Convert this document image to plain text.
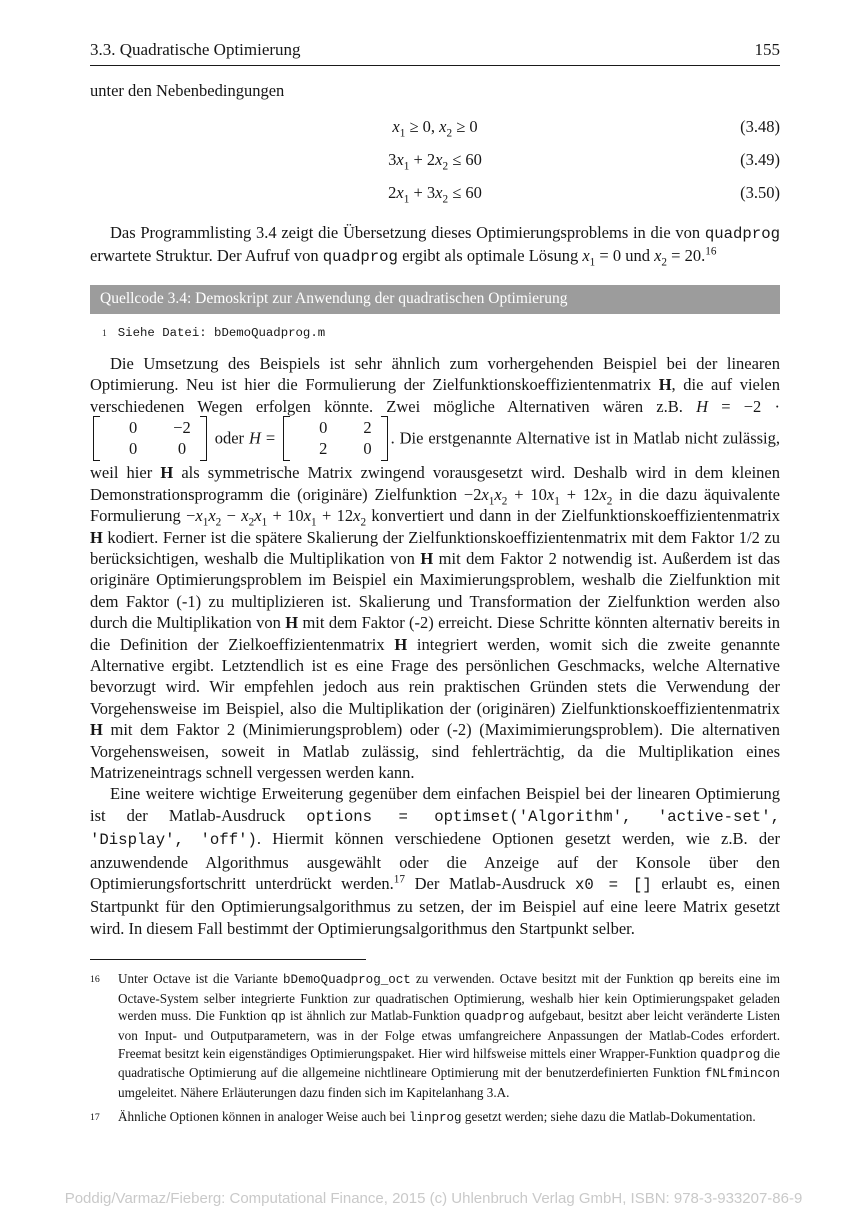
3.3. Quadratische Optimierung	155

unter den Nebenbedingungen

$x_1 \ge 0$, $x_2 \ge 0$	(3.48)
$3x_1 + 2x_2 \le 60$	(3.49)
$2x_1 + 3x_2 \le 60$	(3.50)

Das Programmlisting 3.4 zeigt die Übersetzung dieses Optimierungsproblems in die von quadprog erwartete Struktur. Der Aufruf von quadprog ergibt als optimale Lösung $x_1 = 0$ und $x_2 = 20.16$

Quellcode 3.4: Demoskript zur Anwendung der quadratischen Optimierung
1 Siehe Datei: bDemoQuadprog.m

Die Umsetzung des Beispiels ist sehr ähnlich zum vorhergehenden Beispiel bei der linearen Optimierung. Neu ist hier die Formulierung der Zielfunktionskoeffizientenmatrix H, die auf vielen verschiedenen Wegen erfolgen könnte. Zwei mögliche Alternativen wären z.B. H = −2 ·
0	−2
0	0
oder H =
0	2
2	0
. Die erstgenannte Alternative ist in Matlab nicht zulässig, weil hier H als symmetrische Matrix zwingend vorausgesetzt wird. Deshalb wird in dem kleinen Demonstrationsprogramm die (originäre) Zielfunktion $-2x_1x_2 + 10x_1 + 12x_2$ in die dazu äquivalente Formulierung $-x_1x_2 - x_2x_1 + 10x_1 + 12x_2$ konvertiert und dann in der Zielfunktionskoeffizientenmatrix H kodiert. Ferner ist die spätere Skalierung der Zielfunktionskoeffizientenmatrix mit dem Faktor 1/2 zu berücksichtigen, weshalb die Multiplikation von H mit dem Faktor 2 notwendig ist. Außerdem ist das originäre Optimierungsproblem im Beispiel ein Maximierungsproblem, weshalb die Zielfunktion mit dem Faktor (-1) zu multiplizieren ist. Skalierung und Transformation der Zielfunktion werden also durch die Multiplikation von H mit dem Faktor (-2) erreicht. Diese Schritte könnten alternativ bereits in die Definition der Zielkoeffizientenmatrix H integriert werden, womit sich die zweite genannte Alternative ergibt. Letztendlich ist es eine Frage des persönlichen Geschmacks, welche Alternative bevorzugt wird. Wir empfehlen jedoch aus rein praktischen Gründen stets die Verwendung der Vorgehensweise im Beispiel, also die Multiplikation der (originären) Zielfunktionskoeffizientenmatrix H mit dem Faktor 2 (Minimierungsproblem) oder (-2) (Maximimierungsproblem). Die alternativen Vorgehensweisen, soweit in Matlab zulässig, sind fehlerträchtig, da die Multiplikation eines Matrizeneintrags schnell vergessen werden kann.

Eine weitere wichtige Erweiterung gegenüber dem einfachen Beispiel bei der linearen Optimierung ist der Matlab-Ausdruck options = optimset('Algorithm', 'active-set', 'Display', 'off'). Hiermit können verschiedene Optionen gesetzt werden, wie z.B. der anzuwendende Algorithmus ausgewählt oder die Anzeige auf der Konsole über den Optimierungsfortschritt unterdrückt werden.$^{17}$ Der Matlab-Ausdruck x0 = [] erlaubt es, einen Startpunkt für den Optimierungsalgorithmus zu setzen, der im Beispiel auf eine leere Matrix gesetzt wird. In diesem Fall bestimmt der Optimierungsalgorithmus den Startpunkt selber.

16	Unter Octave ist die Variante bDemoQuadprog_oct zu verwenden. Octave besitzt mit der Funktion qp bereits eine im Octave-System selber integrierte Funktion zur quadratischen Optimierung, weshalb hier kein Optimierungspaket geladen werden muss. Die Funktion qp ist ähnlich zur Matlab-Funktion quadprog aufgebaut, besitzt aber leicht veränderte Listen von Input- und Outputparametern, was in der Folge etwas umfangreichere Anpassungen der Matlab-Codes erfordert. Freemat besitzt kein eigenständiges Optimierungspaket. Hier wird hilfsweise mittels einer Wrapper-Funktion quadprog die quadratische Optimierung auf die allgemeine nichtlineare Optimierung mit der benutzerdefinierten Funktion fNLfmincon umgeleitet. Nähere Erläuterungen dazu finden sich im Kapitelanhang 3.A.
17	Ähnliche Optionen können in analoger Weise auch bei linprog gesetzt werden; siehe dazu die Matlab-Dokumentation.
Poddig/Varmaz/Fieberg: Computational Finance, 2015 (c) Uhlenbruch Verlag GmbH, ISBN: 978-3-933207-86-9
